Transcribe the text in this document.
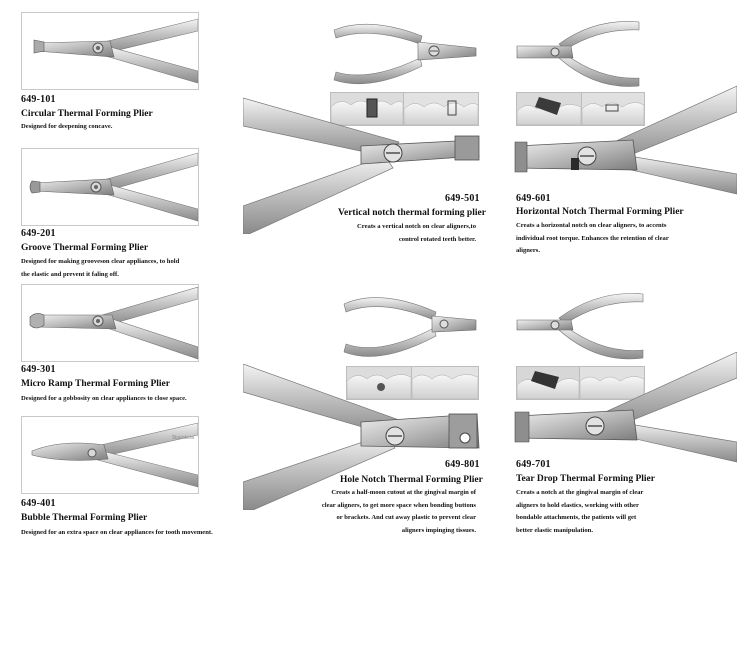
649-101
Circular Thermal Forming Plier
Designed for deepening concave.
649-201
Groove Thermal Forming Plier
Designed for making grooveson clear appliances, to hold
the elastic and prevent it faling off.
649-301
Micro Ramp Thermal Forming Plier
Designed for a gobbosity on clear appliances to close space.
Stainless
649-401
Bubble Thermal Forming Plier
Designed for an extra space on clear appliances for tooth movement.
649-501
Vertical notch thermal forming plier
Creats a vertical notch on clear aligners,to
control rotated teeth better.
649-601
Horizontal Notch Thermal Forming Plier
Creats a horizontal notch on clear aligners, to accents
individual root torque. Enhances the retention of clear
aligners.
649-801
Hole Notch Thermal Forming Plier
Creats a half-moon cutout at the gingival margin of
clear aligners, to get more space when bonding buttons
or brackets. And cut away plastic to prevent clear
aligners impinging tissues.
649-701
Tear Drop Thermal Forming Plier
Creats a notch at the gingival margin of clear
aligners to hold elastics, working with other
bondable attachments, the patients will get
better elastic manipulation.
